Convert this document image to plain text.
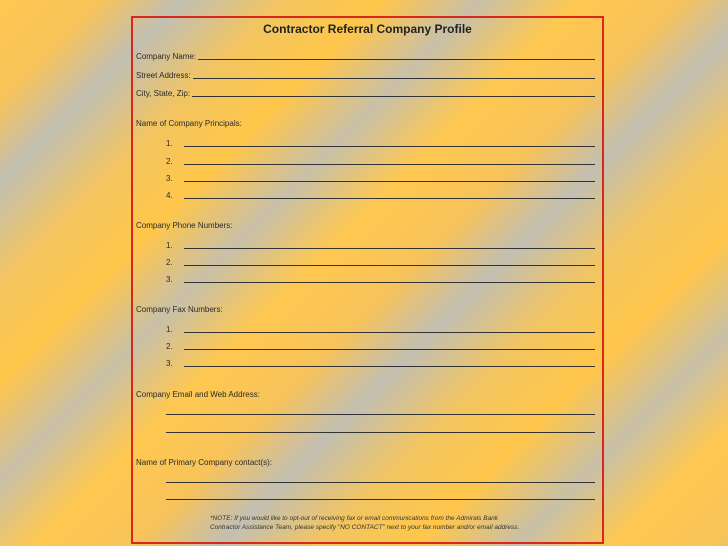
Contractor Referral Company Profile
Company Name:
Street Address:
City, State, Zip:
Name of Company Principals:
1.
2.
3.
4.
Company Phone Numbers:
1.
2.
3.
Company Fax Numbers:
1.
2.
3.
Company Email and Web Address:
Name of Primary Company contact(s):
*NOTE: If you would like to opt-out of receiving fax or email communications from the Admirals Bank
Contractor Assistance Team, please specify "NO CONTACT" next to your fax number and/or email address.
